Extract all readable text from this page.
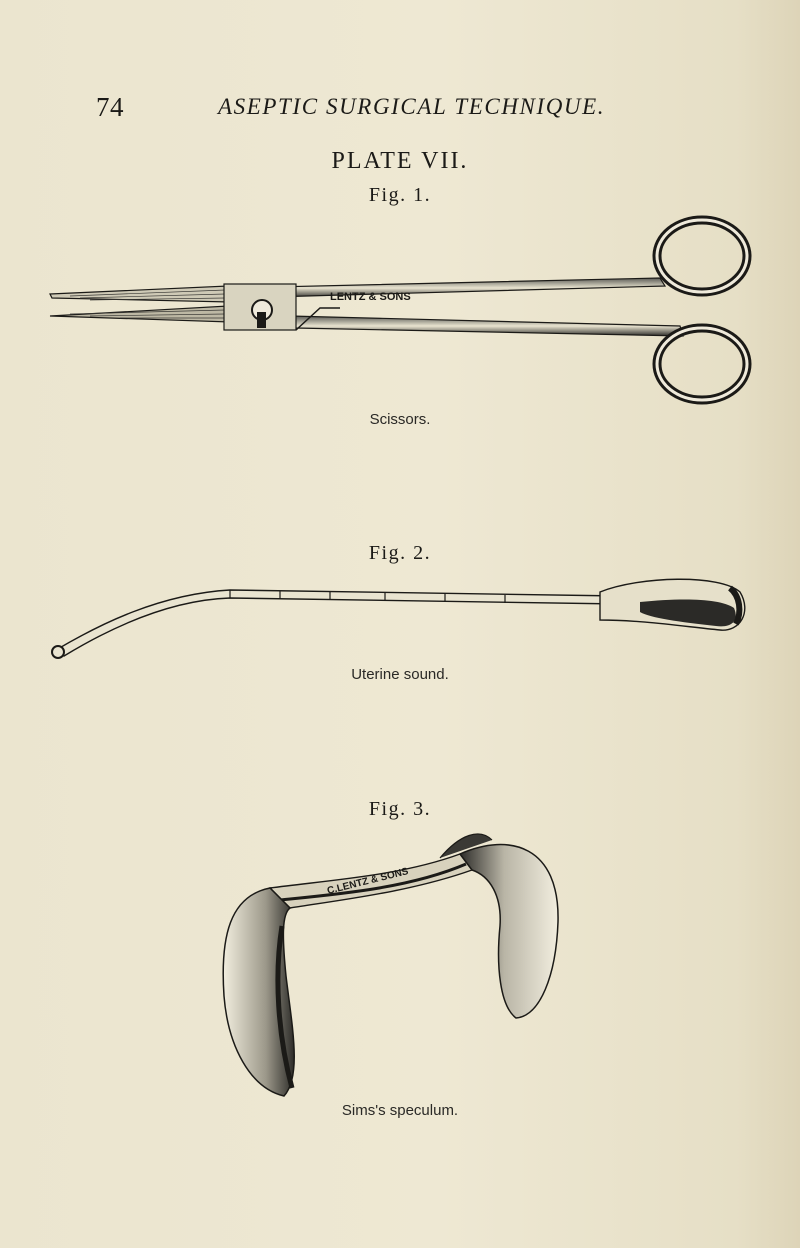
74	ASEPTIC SURGICAL TECHNIQUE.
PLATE VII.
Fig. 1.
LENTZ & SONS
Scissors.
Fig. 2.
Uterine sound.
Fig. 3.
C.LENTZ & SONS
Sims's speculum.
